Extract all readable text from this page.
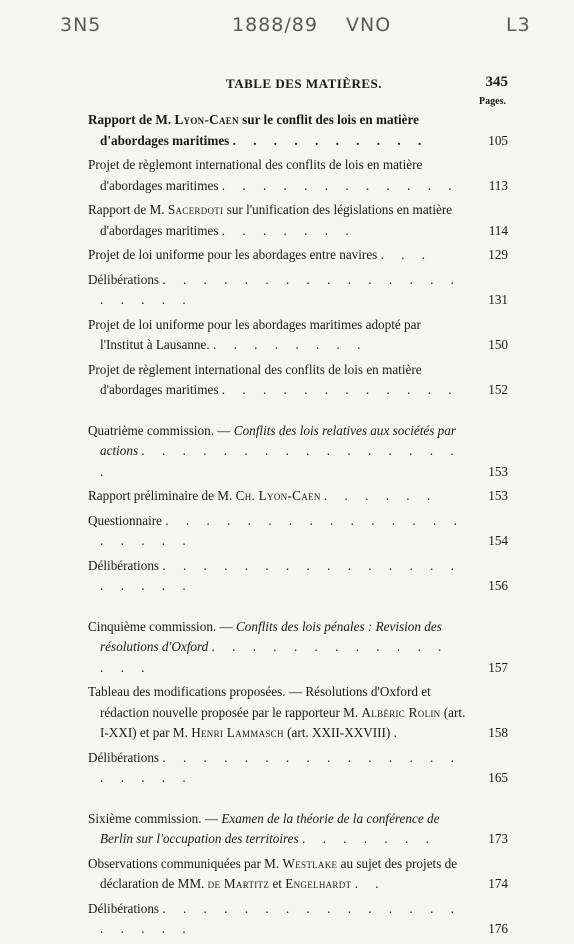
3N5	1888/89 VNO	L3
TABLE DES MATIÈRES.	345
Pages.
Rapport de M. Lyon-Caen sur le conflit des lois en matière d'abordages maritimes . . . . . . . . . .	105
Projet de règlemont international des conflits de lois en matière d'abordages maritimes . . . . . . . . . . . .	113
Rapport de M. Sacerdoti sur l'unification des législations en matière d'abordages maritimes . . . . . . .	114
Projet de loi uniforme pour les abordages entre navires . . .	129
Délibérations . . . . . . . . . . . . . . . . . . . .	131
Projet de loi uniforme pour les abordages maritimes adopté par l'Institut à Lausanne. . . . . . . . .	150
Projet de règlement international des conflits de lois en matière d'abordages maritimes . . . . . . . . . . . .	152
Quatrième commission. — Conflits des lois relatives aux sociétés par actions . . . . . . . . . . . . . . . . .	153
Rapport préliminaire de M. Ch. Lyon-Caen . . . . . .	153
Questionnaire . . . . . . . . . . . . . . . . . . . .	154
Délibérations . . . . . . . . . . . . . . . . . . . .	156
Cinquième commission. — Conflits des lois pénales : Revision des résolutions d'Oxford . . . . . . . . . . . . . . .	157
Tableau des modifications proposées. — Résolutions d'Oxford et rédaction nouvelle proposée par le rapporteur M. Albéric Rolin (art. I-XXI) et par M. Henri Lammasch (art. XXII-XXVIII) .	158
Délibérations . . . . . . . . . . . . . . . . . . . .	165
Sixième commission. — Examen de la théorie de la conférence de Berlin sur l'occupation des territoires . . . . . . .	173
Observations communiquées par M. Westlake au sujet des projets de déclaration de MM. de Martitz et Engelhardt . .	174
Délibérations . . . . . . . . . . . . . . . . . . . .	176
